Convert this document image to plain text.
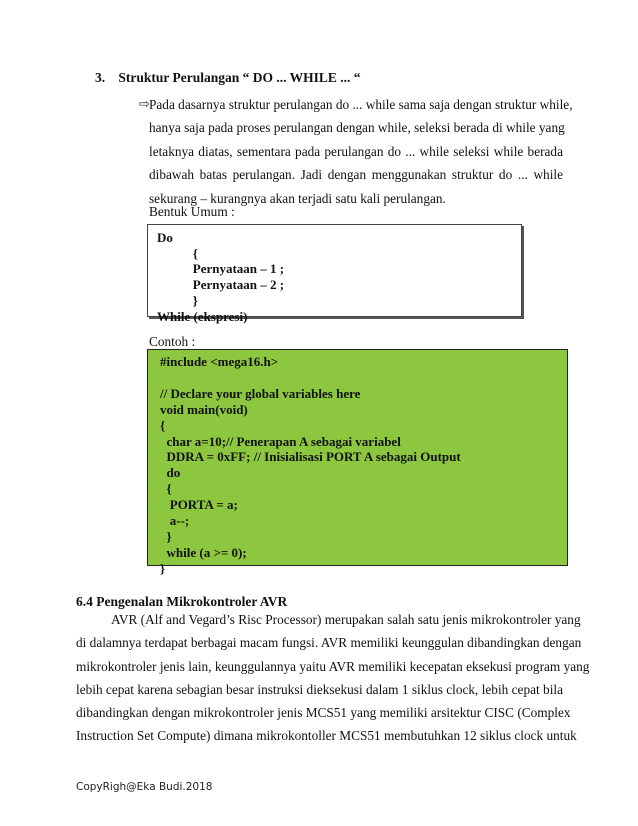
3. Struktur Perulangan “ DO ... WHILE ... “
⇨ Pada dasarnya struktur perulangan do ... while sama saja dengan struktur while,
hanya saja pada proses perulangan dengan while, seleksi berada di while yang
letaknya diatas, sementara pada perulangan do ... while seleksi while berada
dibawah batas perulangan. Jadi dengan menggunakan struktur do ... while
sekurang – kurangnya akan terjadi satu kali perulangan.
Bentuk Umum :
Do
{
Pernyataan – 1 ;
Pernyataan – 2 ;
}
While (ekspresi)
Contoh :
#include <mega16.h>

// Declare your global variables here
void main(void)
{
char a=10;// Penerapan A sebagai variabel
DDRA = 0xFF; // Inisialisasi PORT A sebagai Output
do
{
PORTA = a;
a--;
}
while (a >= 0);
}
6.4 Pengenalan Mikrokontroler AVR
AVR (Alf and Vegard’s Risc Processor) merupakan salah satu jenis mikrokontroler yang
di dalamnya terdapat berbagai macam fungsi. AVR memiliki keunggulan dibandingkan dengan
mikrokontroler jenis lain, keunggulannya yaitu AVR memiliki kecepatan eksekusi program yang
lebih cepat karena sebagian besar instruksi dieksekusi dalam 1 siklus clock, lebih cepat bila
dibandingkan dengan mikrokontroler jenis MCS51 yang memiliki arsitektur CISC (Complex
Instruction Set Compute) dimana mikrokontoller MCS51 membutuhkan 12 siklus clock untuk
CopyRigh@Eka Budi.2018
